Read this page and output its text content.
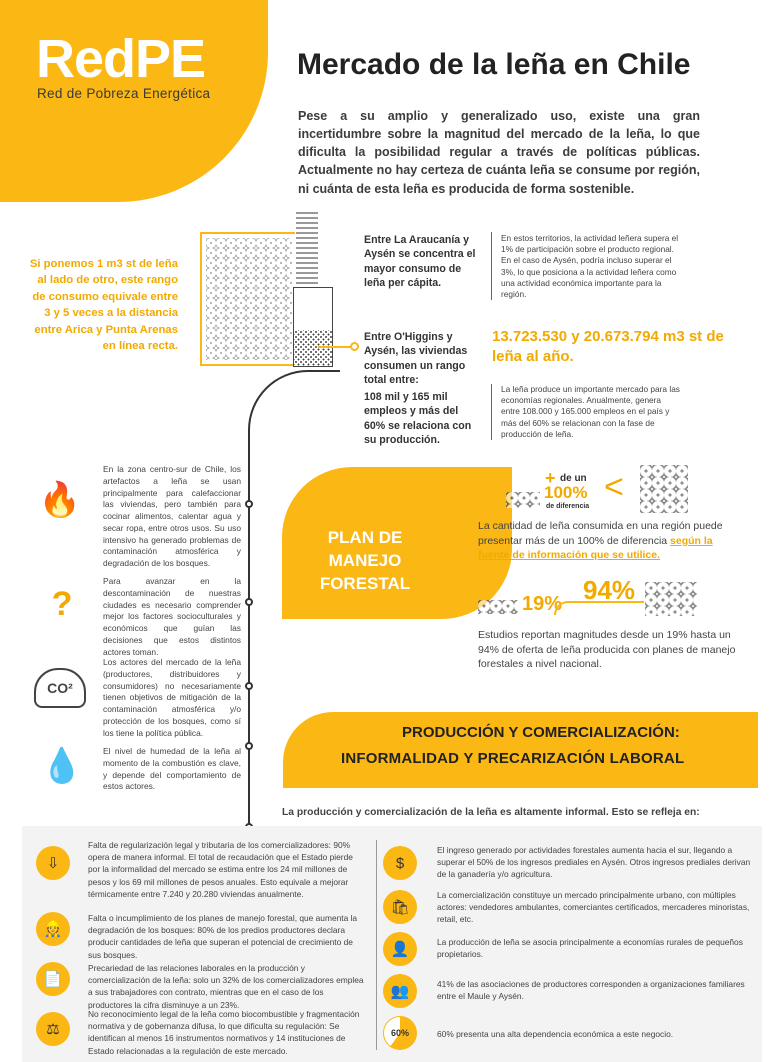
RedPE
Red de Pobreza Energética
Mercado de la leña en Chile

Pese a su amplio y generalizado uso, existe una gran incertidumbre sobre la magnitud del mercado de la leña, lo que dificulta la posibilidad regular a través de políticas públicas. Actualmente no hay certeza de cuánta leña se consume por región, ni cuánta de esta leña es producida de forma sostenible.

Si ponemos 1 m3 st de leña al lado de otro, este rango de consumo equivale entre 3 y 5 veces a la distancia entre Arica y Punta Arenas en línea recta.

Entre La Araucanía y Aysén se concentra el mayor consumo de leña per cápita.

En estos territorios, la actividad leñera supera el 1% de participación sobre el producto regional. En el caso de Aysén, podría incluso superar el 3%, lo que posiciona a la actividad leñera como una actividad económica importante para la región.

Entre O'Higgins y Aysén, las viviendas consumen un rango total entre:

13.723.530 y 20.673.794 m3 st de leña al año.

108 mil y 165 mil empleos y más del 60% se relaciona con su producción.

La leña produce un importante mercado para las economías regionales. Anualmente, genera entre 108.000 y 165.000 empleos en el país y más del 60% se relacionan con la fase de producción de leña.

🔥

En la zona centro-sur de Chile, los artefactos a leña se usan principalmente para calefaccionar las viviendas, pero también para cocinar alimentos, calentar agua y secar ropa, entre otros usos. Su uso intensivo ha generado problemas de contaminación atmosférica y degradación de los bosques.

?

Para avanzar en la descontaminación de nuestras ciudades es necesario comprender mejor los factores socioculturales y económicos que guían las decisiones que estos distintos actores toman.

CO²

Los actores del mercado de la leña (productores, distribuidores y consumidores) no necesariamente tienen objetivos de mitigación de la contaminación atmosférica y/o protección de los bosques, como sí los tiene la política pública.

💧 El nivel de humedad de la leña al momento de la combustión es clave, y depende del comportamiento de estos actores.

PLAN DE MANEJO FORESTAL

+ de un
100%
de diferencia
<

La cantidad de leña consumida en una región puede presentar más de un 100% de diferencia según la fuente de información que se utilice.

19% 94%

Estudios reportan magnitudes desde un 19% hasta un 94% de oferta de leña producida con planes de manejo forestales a nivel nacional.

PRODUCCIÓN Y COMERCIALIZACIÓN:
INFORMALIDAD Y PRECARIZACIÓN LABORAL

La producción y comercialización de la leña es altamente informal. Esto se refleja en:

⇩

Falta de regularización legal y tributaria de los comercializadores: 90% opera de manera informal. El total de recaudación que el Estado pierde por la informalidad del mercado se estima entre los 24 mil millones de pesos y los 69 mil millones de pesos anuales. Esto equivale a mejorar térmicamente entre 7.240 y 20.280 viviendas anualmente.

👷

Falta o incumplimiento de los planes de manejo forestal, que aumenta la degradación de los bosques: 80% de los predios productores declara producir cantidades de leña que superan el potencial de crecimiento de sus bosques.

📄

Precariedad de las relaciones laborales en la producción y comercialización de la leña: solo un 32% de los comercializadores emplea a sus trabajadores con contrato, mientras que en el caso de los productores la cifra disminuye a un 23%.

⚖

No reconocimiento legal de la leña como biocombustible y fragmentación normativa y de gobernanza difusa, lo que dificulta su regulación: Se identifican al menos 16 instrumentos normativos y 14 instituciones de Estado relacionadas a la regulación de este mercado.

$

El ingreso generado por actividades forestales aumenta hacia el sur, llegando a superar el 50% de los ingresos prediales en Aysén. Otros ingresos prediales derivan de la ganadería y/o agricultura.

🛍

La comercialización constituye un mercado principalmente urbano, con múltiples actores: vendedores ambulantes, comerciantes certificados, mercaderes minoristas, retail, etc.

👤	La producción de leña se asocia principalmente a economías rurales de pequeños propietarios.

👥	41% de las asociaciones de productores corresponden a organizaciones familiares entre el Maule y Aysén.

60%	60% presenta una alta dependencia económica a este negocio.
